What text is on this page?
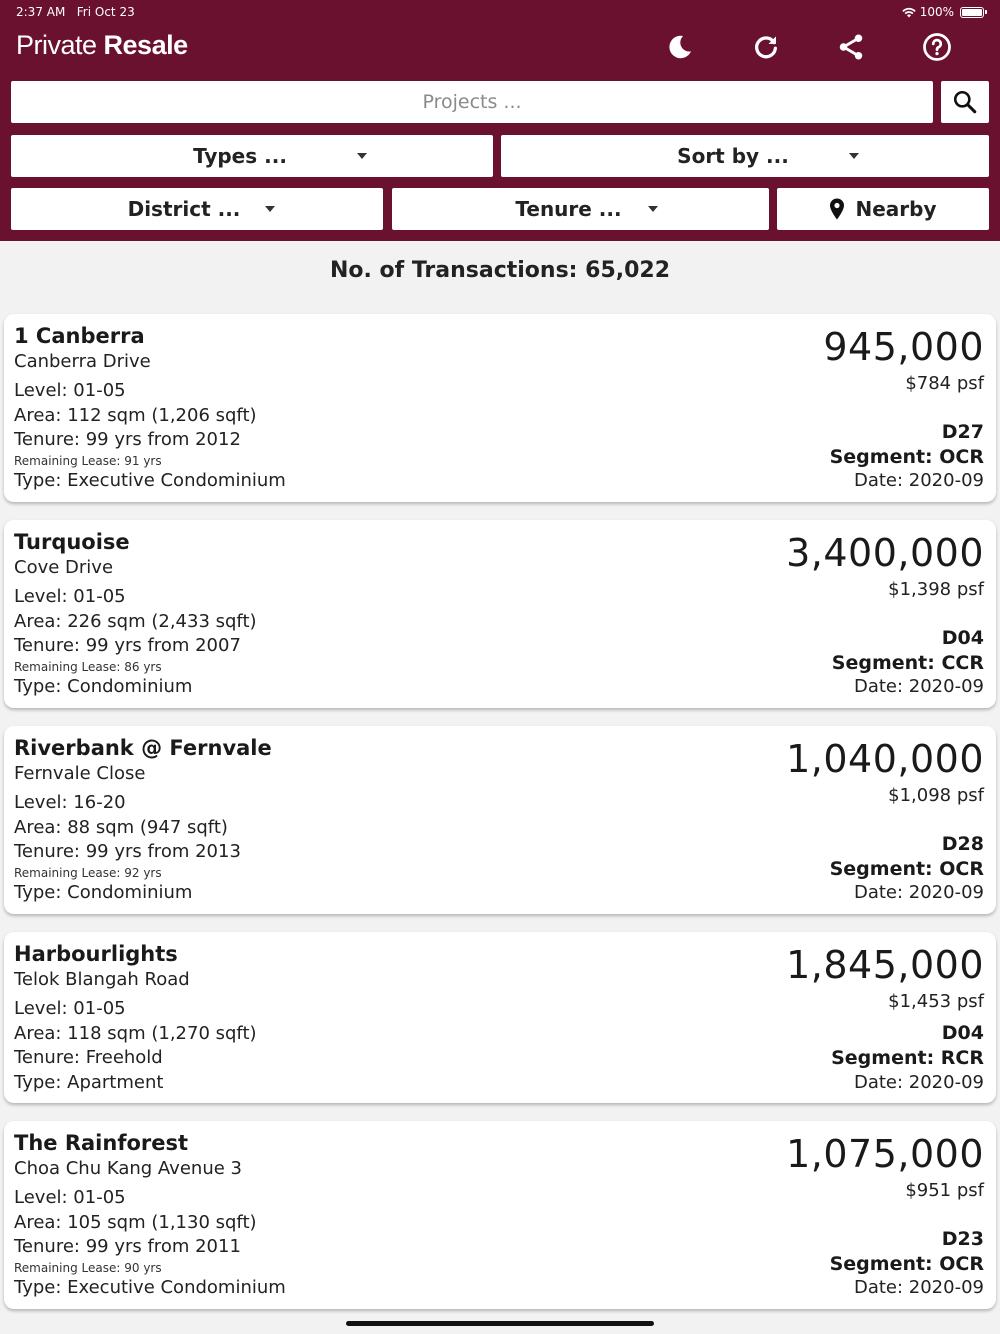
2:37 AM Fri Oct 23	100%
Private Resale
Projects ...
Types ...	Sort by ...
District ...	Tenure ...	Nearby
No. of Transactions: 65,022
1 Canberra
Canberra Drive
Level: 01-05
Area: 112 sqm (1,206 sqft)
Tenure: 99 yrs from 2012
Remaining Lease: 91 yrs
Type: Executive Condominium
945,000
$784 psf
D27
Segment: OCR
Date: 2020-09
Turquoise
Cove Drive
Level: 01-05
Area: 226 sqm (2,433 sqft)
Tenure: 99 yrs from 2007
Remaining Lease: 86 yrs
Type: Condominium
3,400,000
$1,398 psf
D04
Segment: CCR
Date: 2020-09
Riverbank @ Fernvale
Fernvale Close
Level: 16-20
Area: 88 sqm (947 sqft)
Tenure: 99 yrs from 2013
Remaining Lease: 92 yrs
Type: Condominium
1,040,000
$1,098 psf
D28
Segment: OCR
Date: 2020-09
Harbourlights
Telok Blangah Road
Level: 01-05
Area: 118 sqm (1,270 sqft)
Tenure: Freehold
Type: Apartment
1,845,000
$1,453 psf
D04
Segment: RCR
Date: 2020-09
The Rainforest
Choa Chu Kang Avenue 3
Level: 01-05
Area: 105 sqm (1,130 sqft)
Tenure: 99 yrs from 2011
Remaining Lease: 90 yrs
Type: Executive Condominium
1,075,000
$951 psf
D23
Segment: OCR
Date: 2020-09
